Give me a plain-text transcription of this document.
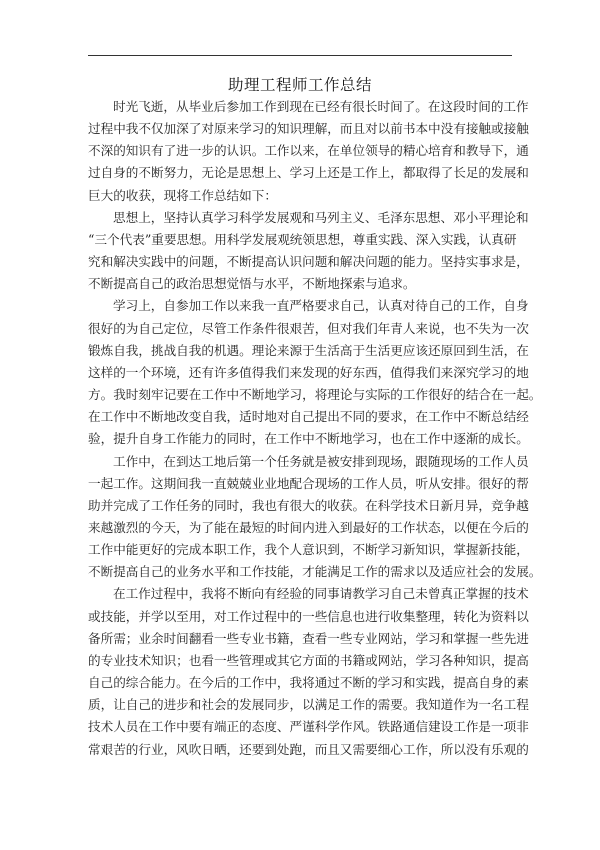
助理工程师工作总结

时光飞逝，从毕业后参加工作到现在已经有很长时间了。在这段时间的工作
过程中我不仅加深了对原来学习的知识理解，而且对以前书本中没有接触或接触
不深的知识有了进一步的认识。工作以来，在单位领导的精心培育和教导下，通
过自身的不断努力，无论是思想上、学习上还是工作上，都取得了长足的发展和
巨大的收获，现将工作总结如下：

思想上，坚持认真学习科学发展观和马列主义、毛泽东思想、邓小平理论和
“三个代表”重要思想。用科学发展观统领思想，尊重实践、深入实践，认真研
究和解决实践中的问题，不断提高认识问题和解决问题的能力。坚持实事求是，
不断提高自己的政治思想觉悟与水平，不断地探索与追求。

学习上，自参加工作以来我一直严格要求自己，认真对待自己的工作，自身
很好的为自己定位，尽管工作条件很艰苦，但对我们年青人来说，也不失为一次
锻炼自我，挑战自我的机遇。理论来源于生活高于生活更应该还原回到生活，在
这样的一个环境，还有许多值得我们来发现的好东西，值得我们来深究学习的地
方。我时刻牢记要在工作中不断地学习，将理论与实际的工作很好的结合在一起。
在工作中不断地改变自我，适时地对自己提出不同的要求，在工作中不断总结经
验，提升自身工作能力的同时，在工作中不断地学习，也在工作中逐渐的成长。

工作中，在到达工地后第一个任务就是被安排到现场，跟随现场的工作人员
一起工作。这期间我一直兢兢业业地配合现场的工作人员，听从安排。很好的帮
助并完成了工作任务的同时，我也有很大的收获。在科学技术日新月异，竞争越
来越激烈的今天，为了能在最短的时间内进入到最好的工作状态，以便在今后的
工作中能更好的完成本职工作，我个人意识到，不断学习新知识，掌握新技能，
不断提高自己的业务水平和工作技能，才能满足工作的需求以及适应社会的发展。
在工作过程中，我将不断向有经验的同事请教学习自己未曾真正掌握的技术
或技能，并学以至用，对工作过程中的一些信息也进行收集整理，转化为资料以
备所需；业余时间翻看一些专业书籍，查看一些专业网站，学习和掌握一些先进
的专业技术知识；也看一些管理或其它方面的书籍或网站，学习各种知识，提高
自己的综合能力。在今后的工作中，我将通过不断的学习和实践，提高自身的素
质，让自己的进步和社会的发展同步，以满足工作的需要。我知道作为一名工程
技术人员在工作中要有端正的态度、严谨科学作风。铁路通信建设工作是一项非
常艰苦的行业，风吹日晒，还要到处跑，而且又需要细心工作，所以没有乐观的
